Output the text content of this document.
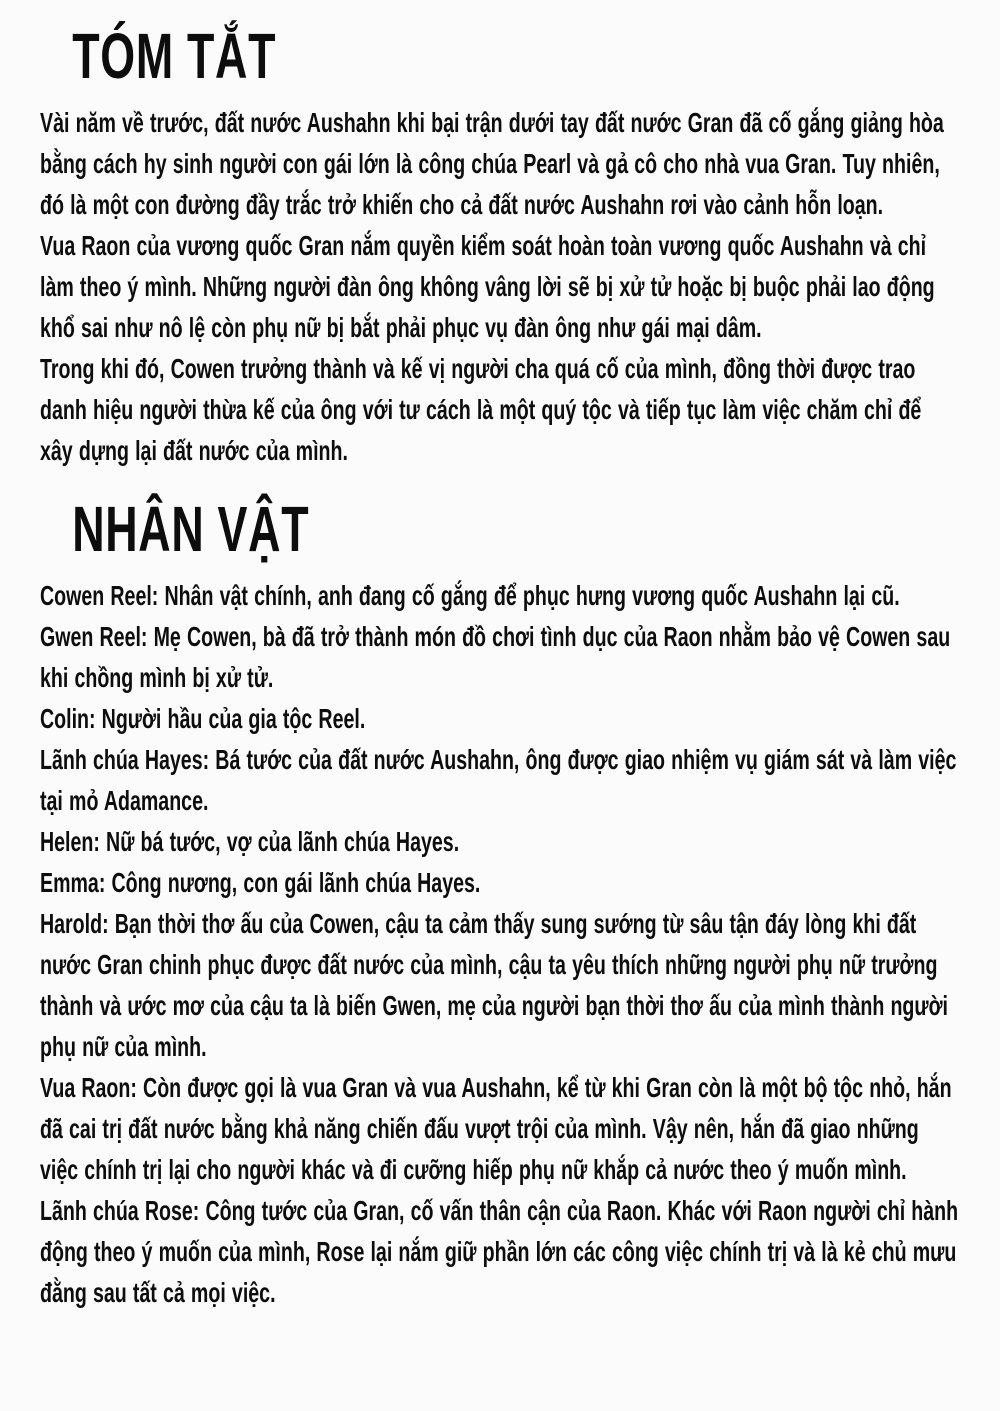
TÓM TẮT

Vài năm về trước, đất nước Aushahn khi bại trận dưới tay đất nước Gran đã cố gắng giảng hòa bằng cách hy sinh người con gái lớn là công chúa Pearl và gả cô cho nhà vua Gran. Tuy nhiên, đó là một con đường đầy trắc trở khiến cho cả đất nước Aushahn rơi vào cảnh hỗn loạn.

Vua Raon của vương quốc Gran nắm quyền kiểm soát hoàn toàn vương quốc Aushahn và chỉ làm theo ý mình. Những người đàn ông không vâng lời sẽ bị xử tử hoặc bị buộc phải lao động khổ sai như nô lệ còn phụ nữ bị bắt phải phục vụ đàn ông như gái mại dâm.

Trong khi đó, Cowen trưởng thành và kế vị người cha quá cố của mình, đồng thời được trao danh hiệu người thừa kế của ông với tư cách là một quý tộc và tiếp tục làm việc chăm chỉ để xây dựng lại đất nước của mình.

NHÂN VẬT

Cowen Reel: Nhân vật chính, anh đang cố gắng để phục hưng vương quốc Aushahn lại cũ.

Gwen Reel: Mẹ Cowen, bà đã trở thành món đồ chơi tình dục của Raon nhằm bảo vệ Cowen sau khi chồng mình bị xử tử.

Colin: Người hầu của gia tộc Reel.

Lãnh chúa Hayes: Bá tước của đất nước Aushahn, ông được giao nhiệm vụ giám sát và làm việc tại mỏ Adamance.

Helen: Nữ bá tước, vợ của lãnh chúa Hayes.

Emma: Công nương, con gái lãnh chúa Hayes.

Harold: Bạn thời thơ ấu của Cowen, cậu ta cảm thấy sung sướng từ sâu tận đáy lòng khi đất nước Gran chinh phục được đất nước của mình, cậu ta yêu thích những người phụ nữ trưởng thành và ước mơ của cậu ta là biến Gwen, mẹ của người bạn thời thơ ấu của mình thành người phụ nữ của mình.

Vua Raon: Còn được gọi là vua Gran và vua Aushahn, kể từ khi Gran còn là một bộ tộc nhỏ, hắn đã cai trị đất nước bằng khả năng chiến đấu vượt trội của mình. Vậy nên, hắn đã giao những việc chính trị lại cho người khác và đi cưỡng hiếp phụ nữ khắp cả nước theo ý muốn mình.

Lãnh chúa Rose: Công tước của Gran, cố vấn thân cận của Raon. Khác với Raon người chỉ hành động theo ý muốn của mình, Rose lại nắm giữ phần lớn các công việc chính trị và là kẻ chủ mưu đằng sau tất cả mọi việc.
